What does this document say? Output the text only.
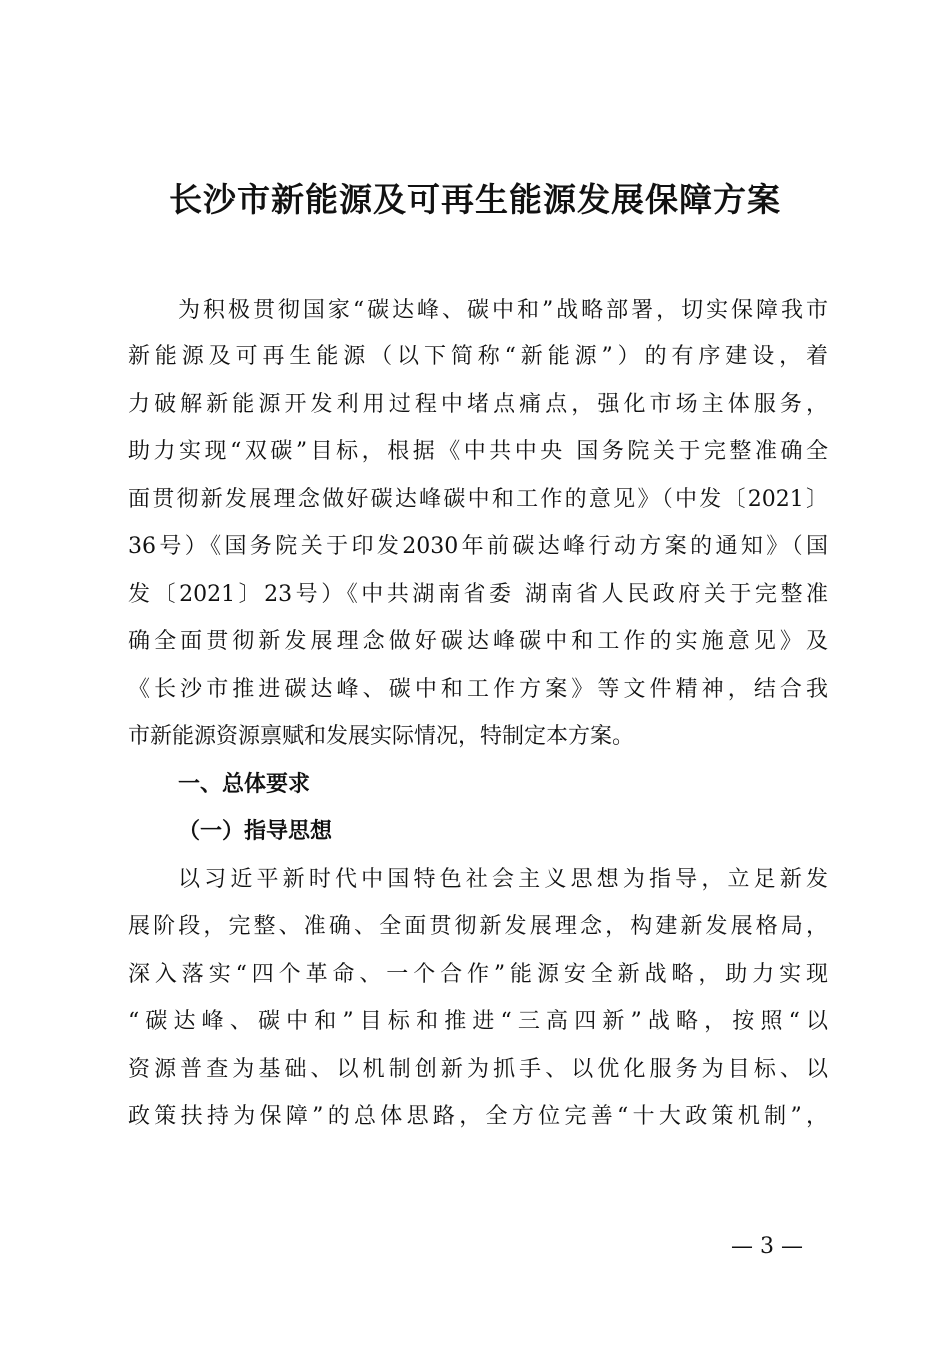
长沙市新能源及可再生能源发展保障方案
为积极贯彻国家“碳达峰、碳中和”战略部署，切实保障我市
新能源及可再生能源（以下简称“新能源”）的有序建设，着
力破解新能源开发利用过程中堵点痛点，强化市场主体服务，
助力实现“双碳”目标，根据《中共中央 国务院关于完整准确全
面贯彻新发展理念做好碳达峰碳中和工作的意见》（中发〔2021〕
36号）《国务院关于印发2030年前碳达峰行动方案的通知》（国
发〔2021〕23号）《中共湖南省委 湖南省人民政府关于完整准
确全面贯彻新发展理念做好碳达峰碳中和工作的实施意见》及
《长沙市推进碳达峰、碳中和工作方案》等文件精神，结合我
市新能源资源禀赋和发展实际情况，特制定本方案。
一、总体要求
（一）指导思想
以习近平新时代中国特色社会主义思想为指导，立足新发
展阶段，完整、准确、全面贯彻新发展理念，构建新发展格局，
深入落实“四个革命、一个合作”能源安全新战略，助力实现
“碳达峰、碳中和”目标和推进“三高四新”战略，按照“以
资源普查为基础、以机制创新为抓手、以优化服务为目标、以
政策扶持为保障”的总体思路，全方位完善“十大政策机制”，
— 3 —
